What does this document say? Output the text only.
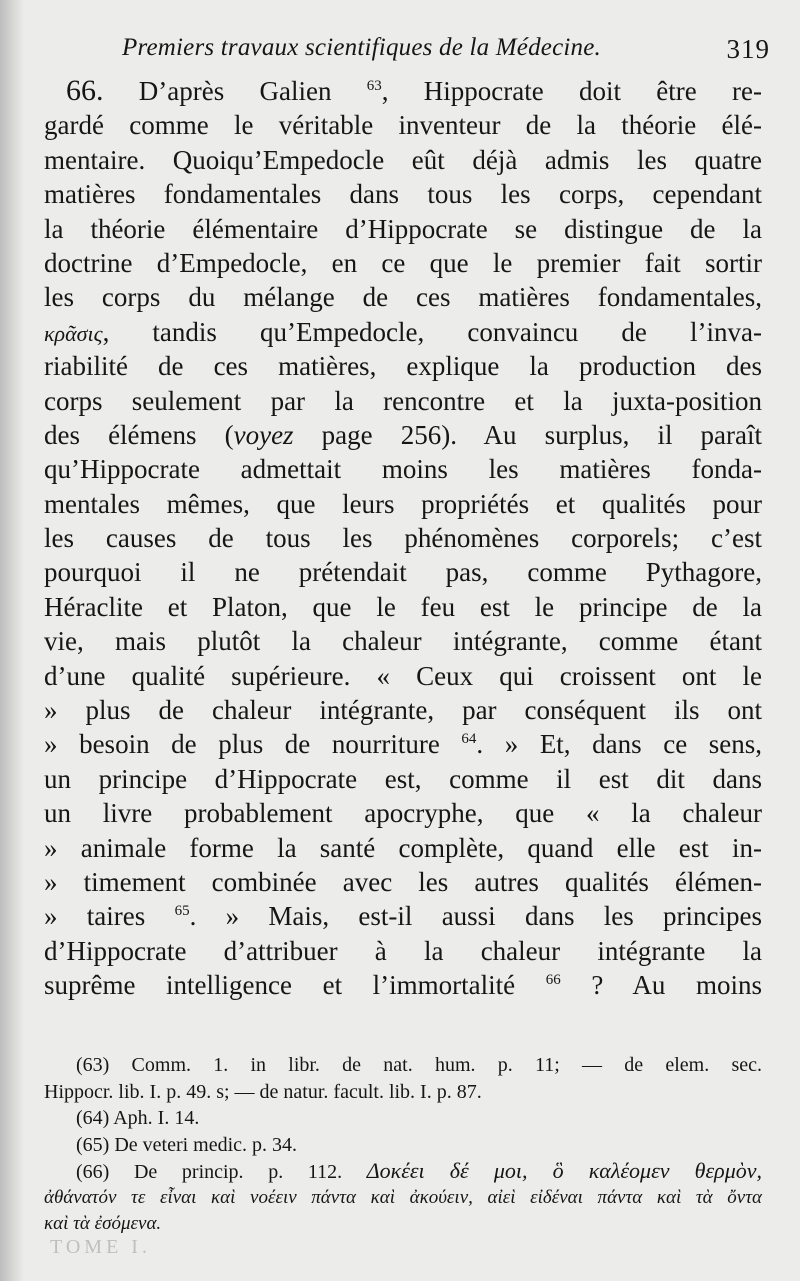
Premiers travaux scientifiques de la Médecine.	319
66. D’après Galien $^{63}$, Hippocrate doit être re-
gardé comme le véritable inventeur de la théorie élé-
mentaire. Quoiqu’Empedocle eût déjà admis les quatre
matières fondamentales dans tous les corps, cependant
la théorie élémentaire d’Hippocrate se distingue de la
doctrine d’Empedocle, en ce que le premier fait sortir
les corps du mélange de ces matières fondamentales,
κρᾶσις, tandis qu’Empedocle, convaincu de l’inva-
riabilité de ces matières, explique la production des
corps seulement par la rencontre et la juxta-position
des élémens (voyez page 256). Au surplus, il paraît
qu’Hippocrate admettait moins les matières fonda-
mentales mêmes, que leurs propriétés et qualités pour
les causes de tous les phénomènes corporels; c’est
pourquoi il ne prétendait pas, comme Pythagore,
Héraclite et Platon, que le feu est le principe de la
vie, mais plutôt la chaleur intégrante, comme étant
d’une qualité supérieure. « Ceux qui croissent ont le
» plus de chaleur intégrante, par conséquent ils ont
» besoin de plus de nourriture $^{64}$. » Et, dans ce sens,
un principe d’Hippocrate est, comme il est dit dans
un livre probablement apocryphe, que « la chaleur
» animale forme la santé complète, quand elle est in-
» timement combinée avec les autres qualités élémen-
» taires $^{65}$. » Mais, est-il aussi dans les principes
d’Hippocrate d’attribuer à la chaleur intégrante la
suprême intelligence et l’immortalité $^{66}$ ? Au moins
(63) Comm. 1. in libr. de nat. hum. p. 11; — de elem. sec.
Hippocr. lib. I. p. 49. s; — de natur. facult. lib. I. p. 87.
(64) Aph. I. 14.
(65) De veteri medic. p. 34.
(66) De princip. p. 112. Δοκέει δέ μοι, ὃ καλέομεν θερμὸν,
ἀθάνατόν τε εἶναι καὶ νοέειν πάντα καὶ ἀκούειν, αἰεὶ εἰδέναι πάντα καὶ τὰ ὄντα
καὶ τὰ ἐσόμενα.
TOME I.
